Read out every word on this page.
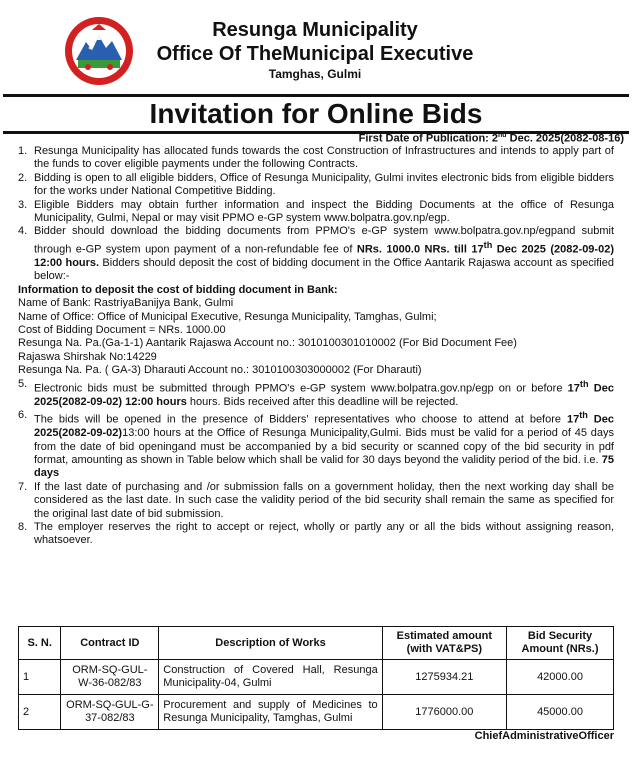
Resunga Municipality
Office Of TheMunicipal Executive
Tamghas, Gulmi
Invitation for Online Bids
First Date of Publication: 2nd Dec. 2025(2082-08-16)

1. Resunga Municipality has allocated funds towards the cost Construction of Infrastructures and intends to apply part of the funds to cover eligible payments under the following Contracts.

2. Bidding is open to all eligible bidders, Office of Resunga Municipality, Gulmi invites electronic bids from eligible bidders for the works under National Competitive Bidding.

3. Eligible Bidders may obtain further information and inspect the Bidding Documents at the office of Resunga Municipality, Gulmi, Nepal or may visit PPMO e-GP system www.bolpatra.gov.np/egp.

4. Bidder should download the bidding documents from PPMO's e-GP system www.bolpatra.gov.np/egpand submit through e-GP system upon payment of a non-refundable fee of NRs. 1000.0 NRs. till 17th Dec 2025 (2082-09-02) 12:00 hours. Bidders should deposit the cost of bidding document in the Office Aantarik Rajaswa account as specified below:-

Information to deposit the cost of bidding document in Bank:
Name of Bank: RastriyaBanijya Bank, Gulmi
Name of Office: Office of Municipal Executive, Resunga Municipality, Tamghas, Gulmi;
Cost of Bidding Document = NRs. 1000.00
Resunga Na. Pa.(Ga-1-1) Aantarik Rajaswa Account no.: 3010100301010002 (For Bid Document Fee)
Rajaswa Shirshak No:14229
Resunga Na. Pa. ( GA-3) Dharauti Account no.: 3010100303000002 (For Dharauti)

5. Electronic bids must be submitted through PPMO's e-GP system www.bolpatra.gov.np/egp on or before 17th Dec 2025(2082-09-02) 12:00 hours hours. Bids received after this deadline will be rejected.

6. The bids will be opened in the presence of Bidders' representatives who choose to attend at before 17th Dec 2025(2082-09-02)13:00 hours at the Office of Resunga Municipality,Gulmi. Bids must be valid for a period of 45 days from the date of bid openingand must be accompanied by a bid security or scanned copy of the bid security in pdf format, amounting as shown in Table below which shall be valid for 30 days beyond the validity period of the bid. i.e. 75 days

7. If the last date of purchasing and /or submission falls on a government holiday, then the next working day shall be considered as the last date. In such case the validity period of the bid security shall remain the same as specified for the original last date of bid submission.

8. The employer reserves the right to accept or reject, wholly or partly any or all the bids without assigning reason, whatsoever.

S. N.	Contract ID	Description of Works	Estimated amount (with VAT&PS)	Bid Security Amount (NRs.)
1	ORM-SQ-GUL-W-36-082/83	Construction of Covered Hall, Resunga Municipality-04, Gulmi	1275934.21	42000.00
2	ORM-SQ-GUL-G-37-082/83	Procurement and supply of Medicines to Resunga Municipality, Tamghas, Gulmi	1776000.00	45000.00
ChiefAdministrativeOfficer
